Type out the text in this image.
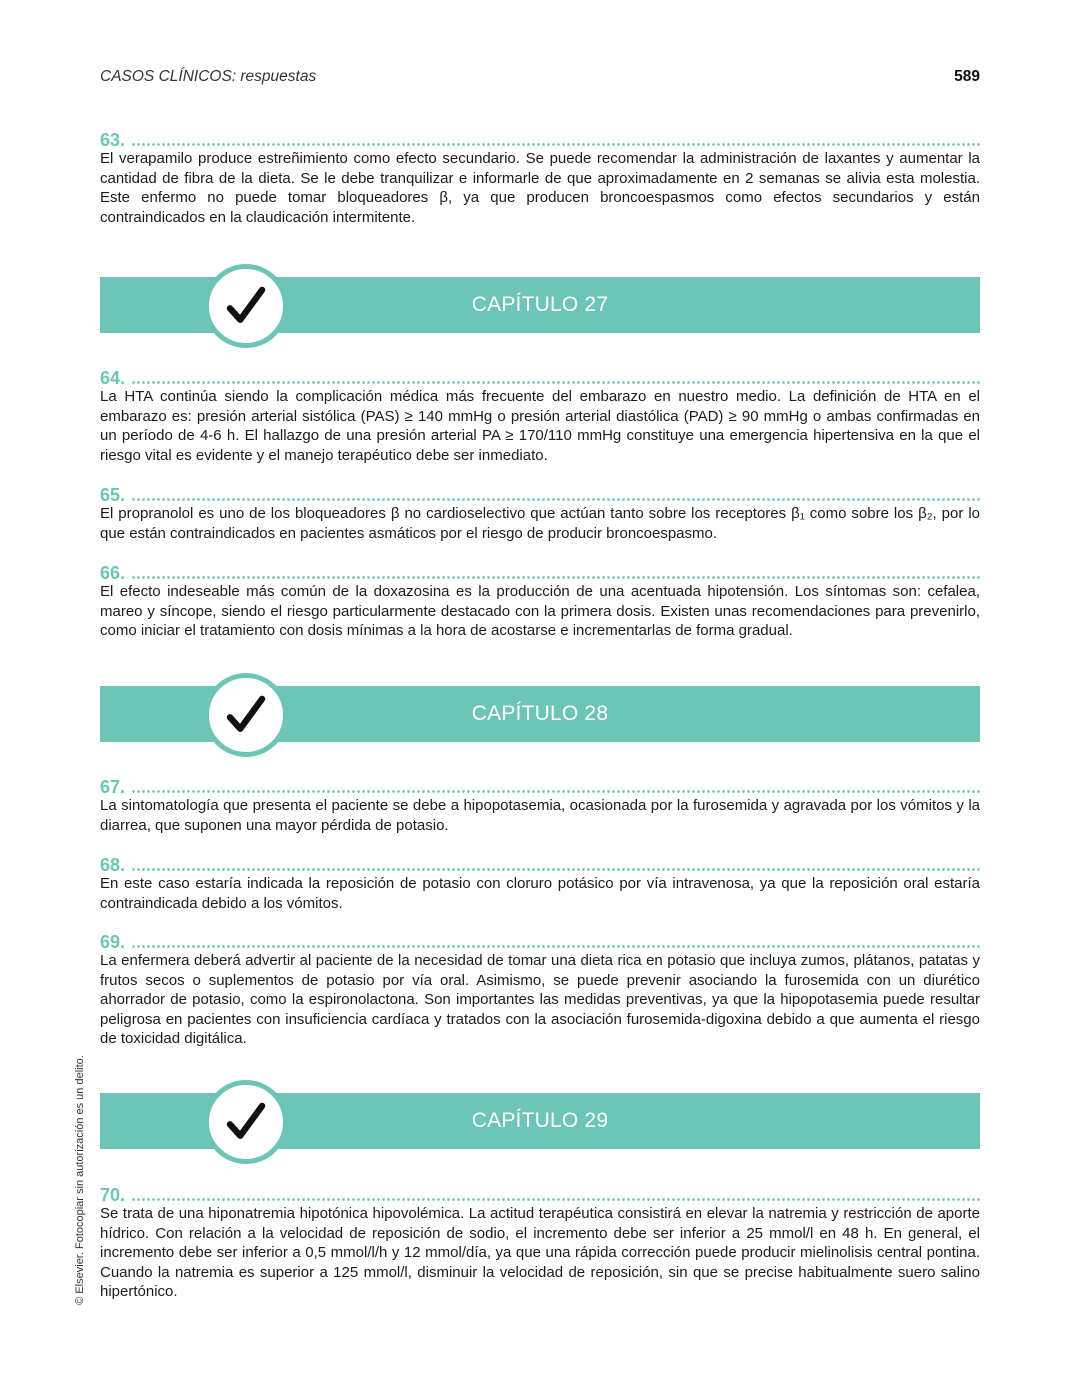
CASOS CLÍNICOS: respuestas	589
63.
El verapamilo produce estreñimiento como efecto secundario. Se puede recomendar la administración de laxantes y aumentar la cantidad de fibra de la dieta. Se le debe tranquilizar e informarle de que aproximadamente en 2 semanas se alivia esta molestia. Este enfermo no puede tomar bloqueadores β, ya que producen broncoespasmos como efectos secundarios y están contraindicados en la claudicación intermitente.
CAPÍTULO 27
64.
La HTA continúa siendo la complicación médica más frecuente del embarazo en nuestro medio. La definición de HTA en el embarazo es: presión arterial sistólica (PAS) ≥ 140 mmHg o presión arterial diastólica (PAD) ≥ 90 mmHg o ambas confirmadas en un período de 4-6 h. El hallazgo de una presión arterial PA ≥ 170/110 mmHg constituye una emergencia hipertensiva en la que el riesgo vital es evidente y el manejo terapéutico debe ser inmediato.
65.
El propranolol es uno de los bloqueadores β no cardioselectivo que actúan tanto sobre los receptores β₁ como sobre los β₂, por lo que están contraindicados en pacientes asmáticos por el riesgo de producir broncoespasmo.
66.
El efecto indeseable más común de la doxazosina es la producción de una acentuada hipotensión. Los síntomas son: cefalea, mareo y síncope, siendo el riesgo particularmente destacado con la primera dosis. Existen unas recomendaciones para prevenirlo, como iniciar el tratamiento con dosis mínimas a la hora de acostarse e incrementarlas de forma gradual.
CAPÍTULO 28
67.
La sintomatología que presenta el paciente se debe a hipopotasemia, ocasionada por la furosemida y agravada por los vómitos y la diarrea, que suponen una mayor pérdida de potasio.
68.
En este caso estaría indicada la reposición de potasio con cloruro potásico por vía intravenosa, ya que la reposición oral estaría contraindicada debido a los vómitos.
69.
La enfermera deberá advertir al paciente de la necesidad de tomar una dieta rica en potasio que incluya zumos, plátanos, patatas y frutos secos o suplementos de potasio por vía oral. Asimismo, se puede prevenir asociando la furosemida con un diurético ahorrador de potasio, como la espironolactona. Son importantes las medidas preventivas, ya que la hipopotasemia puede resultar peligrosa en pacientes con insuficiencia cardíaca y tratados con la asociación furosemida-digoxina debido a que aumenta el riesgo de toxicidad digitálica.
CAPÍTULO 29
70.
Se trata de una hiponatremia hipotónica hipovolémica. La actitud terapéutica consistirá en elevar la natremia y restricción de aporte hídrico. Con relación a la velocidad de reposición de sodio, el incremento debe ser inferior a 25 mmol/l en 48 h. En general, el incremento debe ser inferior a 0,5 mmol/l/h y 12 mmol/día, ya que una rápida corrección puede producir mielinolisis central pontina. Cuando la natremia es superior a 125 mmol/l, disminuir la velocidad de reposición, sin que se precise habitualmente suero salino hipertónico.
© Elsevier. Fotocopiar sin autorización es un delito.
